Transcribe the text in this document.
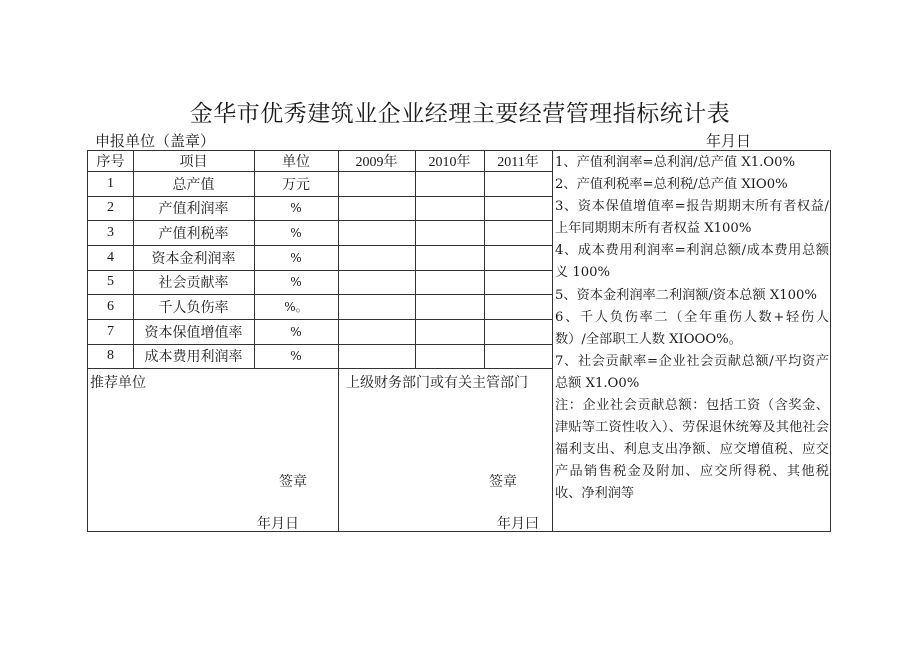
金华市优秀建筑业企业经理主要经营管理指标统计表
申报单位（盖章）	年月日
序号	项目	单位	2009年	2010年	2011年
1	总产值	万元
2	产值利润率	%
3	产值利税率	%
4	资本金利润率	%
5	社会贡献率	%
6	千人负伤率	%。
7	资本保值增值率	%
8	成本费用利润率	%
推荐单位
签章
年月日
上级财务部门或有关主管部门
签章
年月曰
1、产值利润率=总利润/总产值 X1.O0%
2、产值利税率=总利税/总产值 XIO0%
3、资本保值增值率=报告期期末所有者权益/上年同期期末所有者权益 X100%
4、成本费用利润率=利润总额/成本费用总额义 100%
5、资本金利润率二利润额/资本总额 X100%
6、千人负伤率二（全年重伤人数+轻伤人数）/全部职工人数 XIOOO%。
7、社会贡献率=企业社会贡献总额/平均资产总额 X1.O0%
注：企业社会贡献总额：包括工资（含奖金、津贴等工资性收入）、劳保退休统筹及其他社会福利支出、利息支出净额、应交增值税、应交产品销售税金及附加、应交所得税、其他税收、净利润等
